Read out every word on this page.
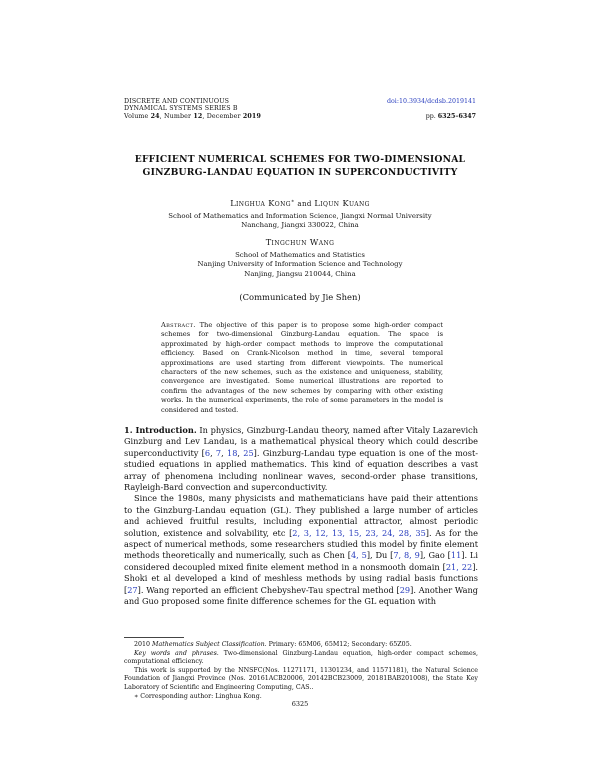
DISCRETE AND CONTINUOUS
DYNAMICAL SYSTEMS SERIES B
Volume 24, Number 12, December 2019
doi:10.3934/dcdsb.2019141
pp. 6325–6347
EFFICIENT NUMERICAL SCHEMES FOR TWO-DIMENSIONAL
GINZBURG-LANDAU EQUATION IN SUPERCONDUCTIVITY
Linghua Kong∗ and Liqun Kuang
School of Mathematics and Information Science, Jiangxi Normal University
Nanchang, Jiangxi 330022, China
Tingchun Wang
School of Mathematics and Statistics
Nanjing University of Information Science and Technology
Nanjing, Jiangsu 210044, China
(Communicated by Jie Shen)
Abstract. The objective of this paper is to propose some high-order compact schemes for two-dimensional Ginzburg-Landau equation. The space is approximated by high-order compact methods to improve the computational efficiency. Based on Crank-Nicolson method in time, several temporal approximations are used starting from different viewpoints. The numerical characters of the new schemes, such as the existence and uniqueness, stability, convergence are investigated. Some numerical illustrations are reported to confirm the advantages of the new schemes by comparing with other existing works. In the numerical experiments, the role of some parameters in the model is considered and tested.

1. Introduction. In physics, Ginzburg-Landau theory, named after Vitaly Lazarevich Ginzburg and Lev Landau, is a mathematical physical theory which could describe superconductivity [6, 7, 18, 25]. Ginzburg-Landau type equation is one of the most-studied equations in applied mathematics. This kind of equation describes a vast array of phenomena including nonlinear waves, second-order phase transitions, Rayleigh-Bard convection and superconductivity.

Since the 1980s, many physicists and mathematicians have paid their attentions to the Ginzburg-Landau equation (GL). They published a large number of articles and achieved fruitful results, including exponential attractor, almost periodic solution, existence and solvability, etc [2, 3, 12, 13, 15, 23, 24, 28, 35]. As for the aspect of numerical methods, some researchers studied this model by finite element methods theoretically and numerically, such as Chen [4, 5], Du [7, 8, 9], Gao [11]. Li considered decoupled mixed finite element method in a nonsmooth domain [21, 22]. Shoki et al developed a kind of meshless methods by using radial basis functions [27]. Wang reported an efficient Chebyshev-Tau spectral method [29]. Another Wang and Guo proposed some finite difference schemes for the GL equation with

2010 Mathematics Subject Classification. Primary: 65M06, 65M12; Secondary: 65Z05.

Key words and phrases. Two-dimensional Ginzburg-Landau equation, high-order compact schemes, computational efficiency.

This work is supported by the NNSFC(Nos. 11271171, 11301234, and 11571181), the Natural Science Foundation of Jiangxi Province (Nos. 20161ACB20006, 20142BCB23009, 20181BAB201008), the State Key Laboratory of Scientific and Engineering Computing, CAS..

∗ Corresponding author: Linghua Kong.

6325
